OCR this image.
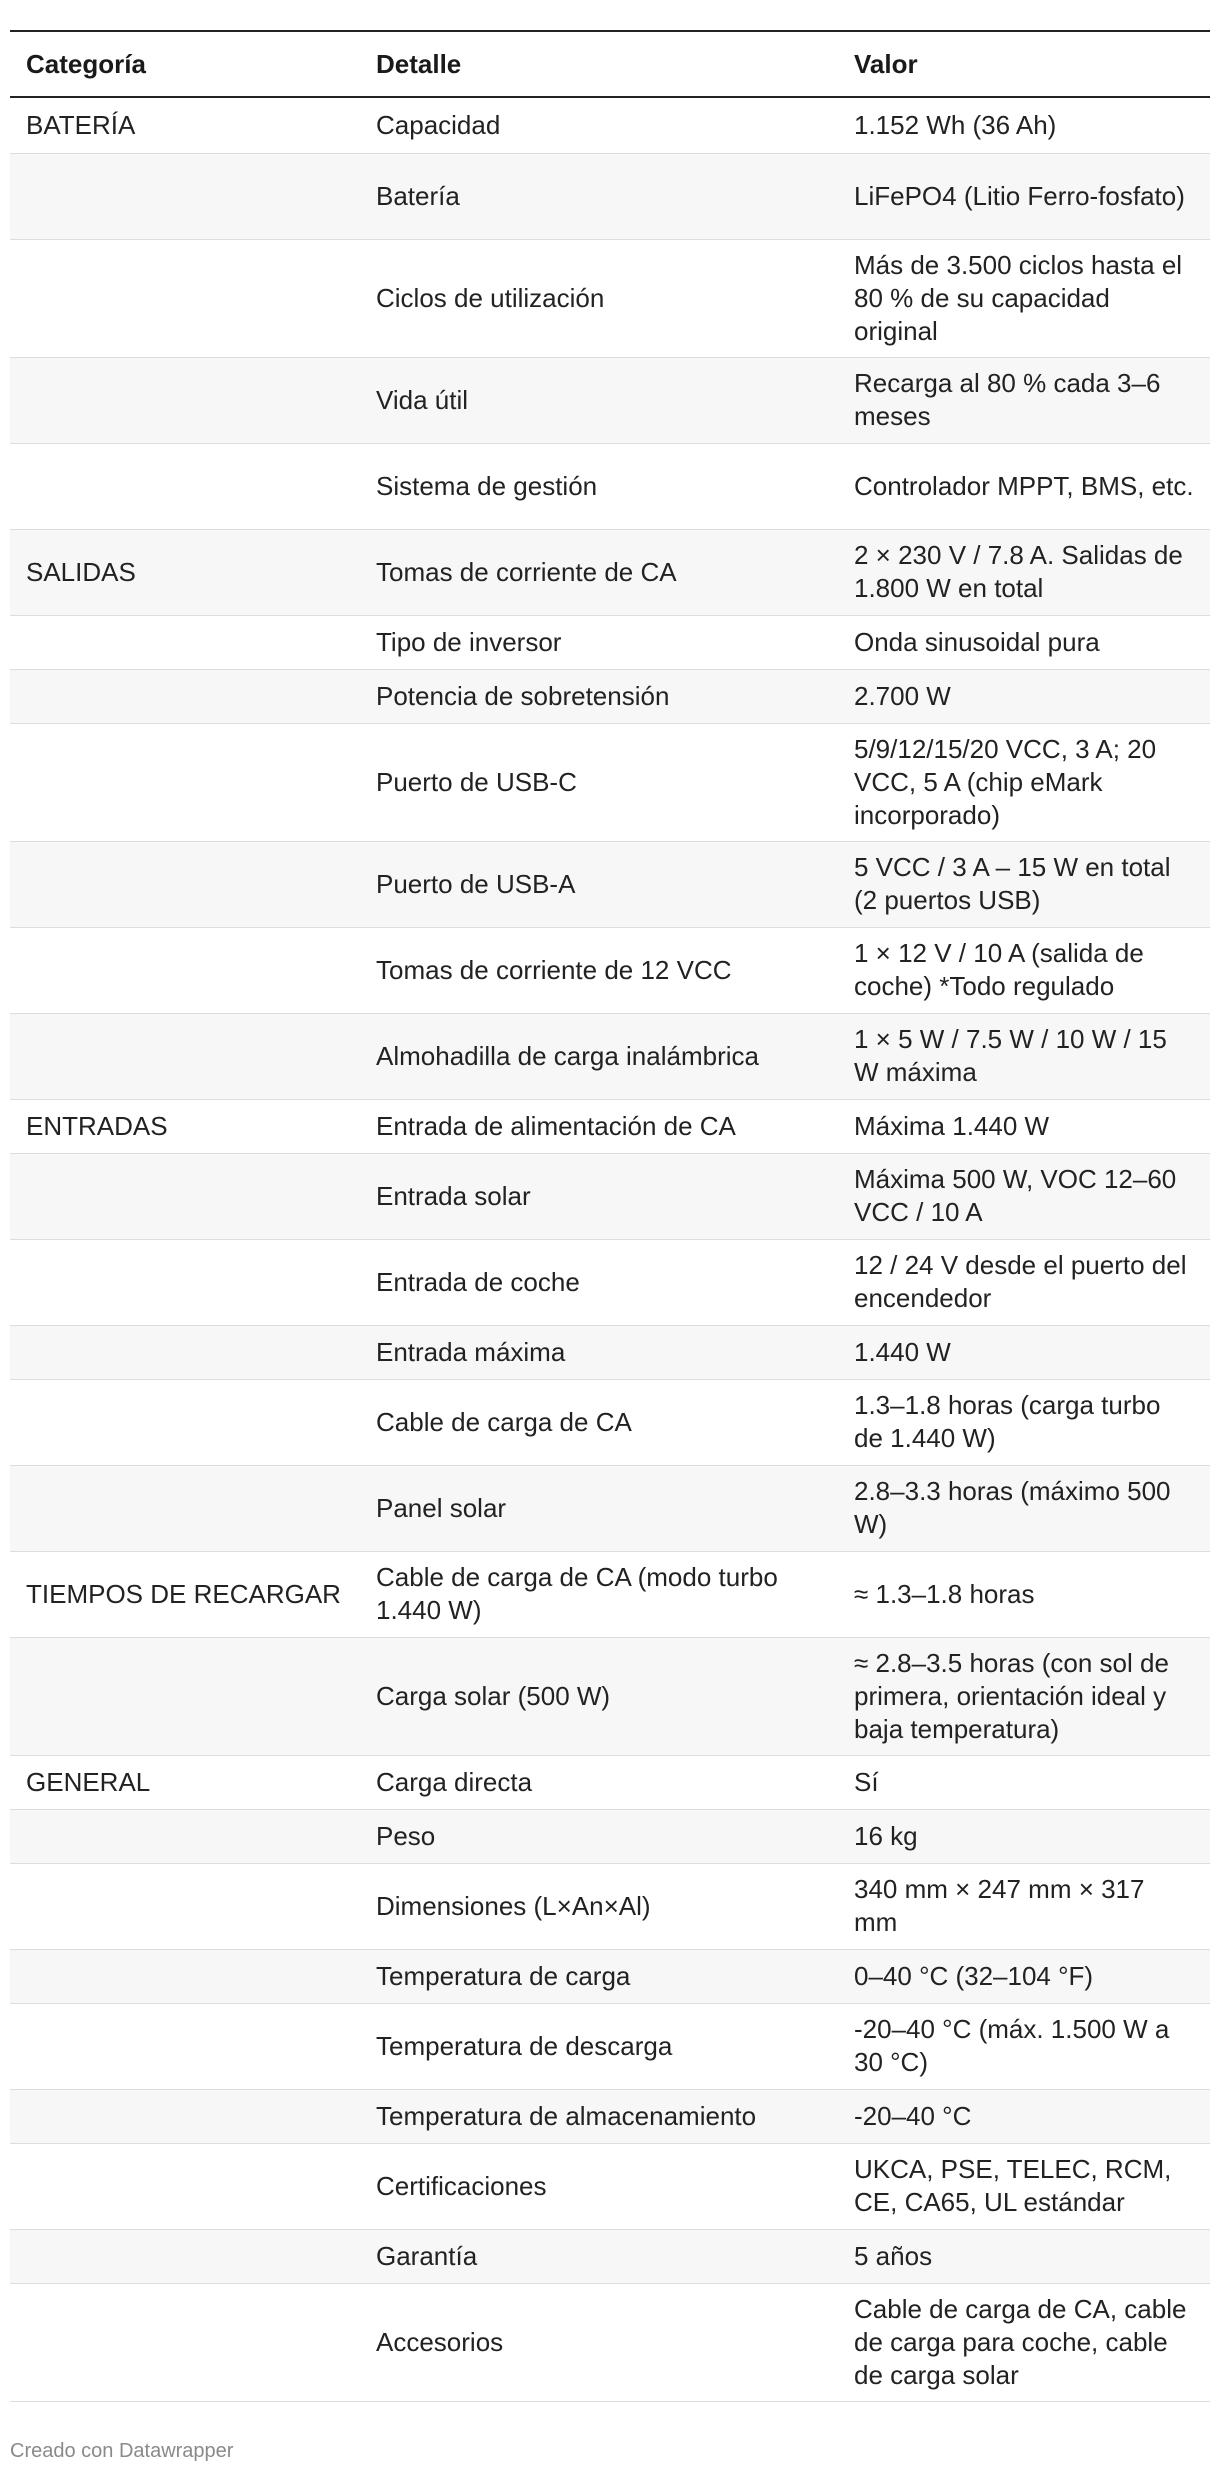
Categoría	Detalle	Valor
BATERÍA	Capacidad	1.152 Wh (36 Ah)
	Batería	LiFePO4 (Litio Ferro-fosfato)
	Ciclos de utilización	Más de 3.500 ciclos hasta el 80 % de su capacidad original
	Vida útil	Recarga al 80 % cada 3–6 meses
	Sistema de gestión	Controlador MPPT, BMS, etc.
SALIDAS	Tomas de corriente de CA	2 × 230 V / 7.8 A. Salidas de 1.800 W en total
	Tipo de inversor	Onda sinusoidal pura
	Potencia de sobretensión	2.700 W
	Puerto de USB-C	5/9/12/15/20 VCC, 3 A; 20 VCC, 5 A (chip eMark incorporado)
	Puerto de USB-A	5 VCC / 3 A – 15 W en total (2 puertos USB)
	Tomas de corriente de 12 VCC	1 × 12 V / 10 A (salida de coche) *Todo regulado
	Almohadilla de carga inalámbrica	1 × 5 W / 7.5 W / 10 W / 15 W máxima
ENTRADAS	Entrada de alimentación de CA	Máxima 1.440 W
	Entrada solar	Máxima 500 W, VOC 12–60 VCC / 10 A
	Entrada de coche	12 / 24 V desde el puerto del encendedor
	Entrada máxima	1.440 W
	Cable de carga de CA	1.3–1.8 horas (carga turbo de 1.440 W)
	Panel solar	2.8–3.3 horas (máximo 500 W)
TIEMPOS DE RECARGAR	Cable de carga de CA (modo turbo 1.440 W)	≈ 1.3–1.8 horas
	Carga solar (500 W)	≈ 2.8–3.5 horas (con sol de primera, orientación ideal y baja temperatura)
GENERAL	Carga directa	Sí
	Peso	16 kg
	Dimensiones (L×An×Al)	340 mm × 247 mm × 317 mm
	Temperatura de carga	0–40 °C (32–104 °F)
	Temperatura de descarga	-20–40 °C (máx. 1.500 W a 30 °C)
	Temperatura de almacenamiento	-20–40 °C
	Certificaciones	UKCA, PSE, TELEC, RCM, CE, CA65, UL estándar
	Garantía	5 años
	Accesorios	Cable de carga de CA, cable de carga para coche, cable de carga solar
Creado con Datawrapper
